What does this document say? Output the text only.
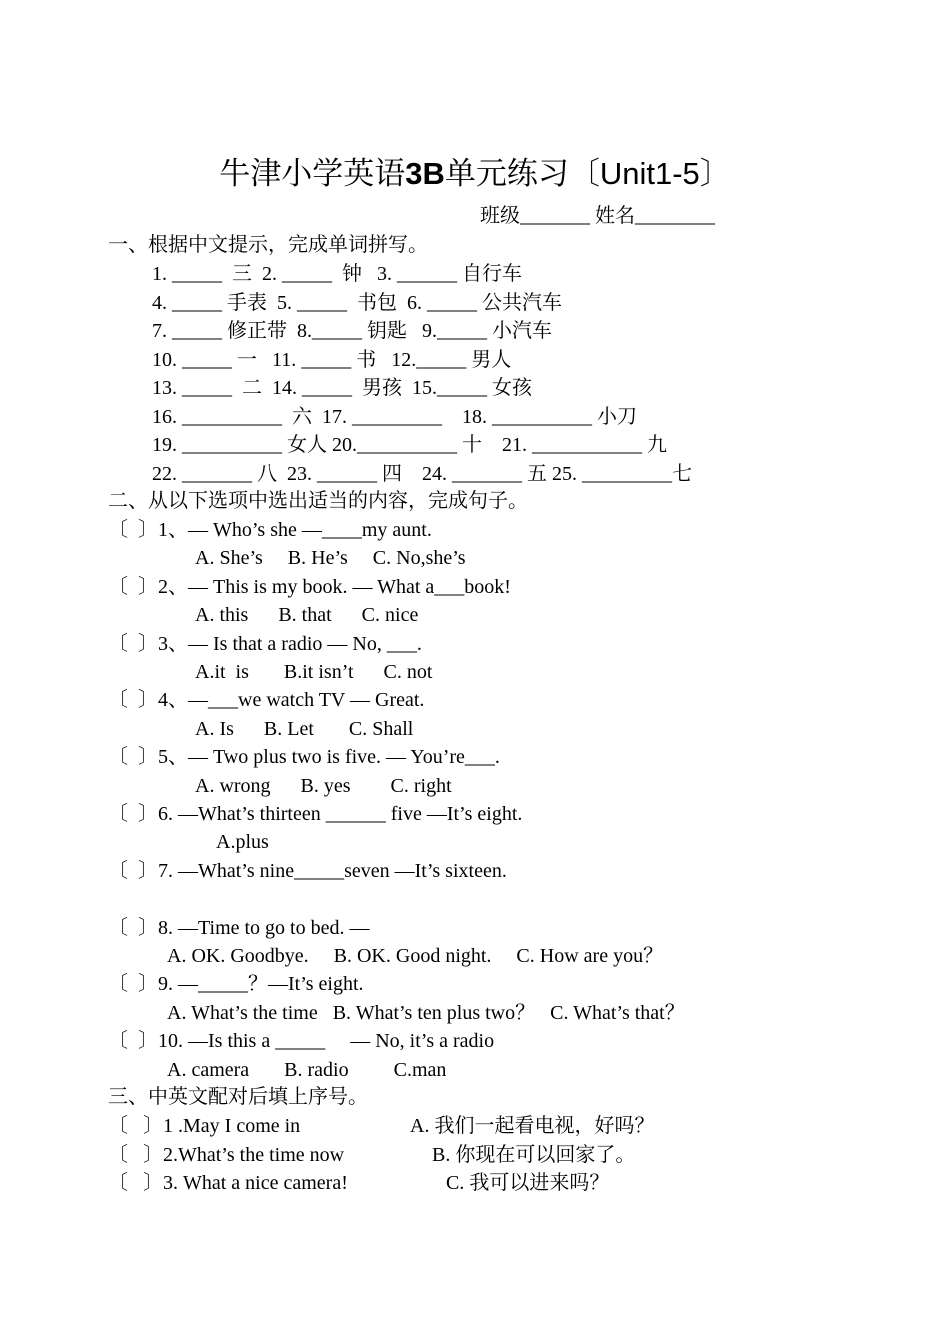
牛津小学英语3B单元练习〔Unit1-5〕
班级_______ 姓名________
一、根据中文提示，完成单词拼写。
1. _____  三  2. _____  钟   3. ______ 自行车
4. _____ 手表  5. _____  书包  6. _____ 公共汽车
7. _____ 修正带  8._____ 钥匙   9._____ 小汽车
10. _____ 一   11. _____ 书   12._____ 男人
13. _____  二  14. _____  男孩  15._____ 女孩
16. __________  六  17. _________    18. __________ 小刀
19. __________ 女人 20.__________ 十    21. ___________ 九
22. _______ 八  23. ______ 四    24. _______ 五 25. _________七
二、从以下选项中选出适当的内容，完成句子。
〔  〕1、— Who’s she —____my aunt.
A. She’s     B. He’s     C. No,she’s
〔  〕2、— This is my book. — What a___book!
A. this      B. that      C. nice
〔  〕3、— Is that a radio — No, ___.
A.it  is       B.it isn’t      C. not
〔  〕4、—___we watch TV — Great.
A. Is      B. Let       C. Shall
〔  〕5、— Two plus two is five. — You’re___.
A. wrong      B. yes        C. right
〔  〕6. —What’s thirteen ______ five —It’s eight.
A.plus
〔  〕7. —What’s nine_____seven —It’s sixteen.
〔  〕8. —Time to go to bed. —
A. OK. Goodbye.     B. OK. Good night.     C. How are you？
〔  〕9. —_____？—It’s eight.
A. What’s the time   B. What’s ten plus two？   C. What’s that？
〔  〕10. —Is this a _____     — No, it’s a radio
A. camera       B. radio         C.man
三、中英文配对后填上序号。
〔   〕1 .May I come in	A. 我们一起看电视，好吗？
〔   〕2.What’s the time now	B. 你现在可以回家了。
〔   〕3. What a nice camera!	C. 我可以进来吗？
